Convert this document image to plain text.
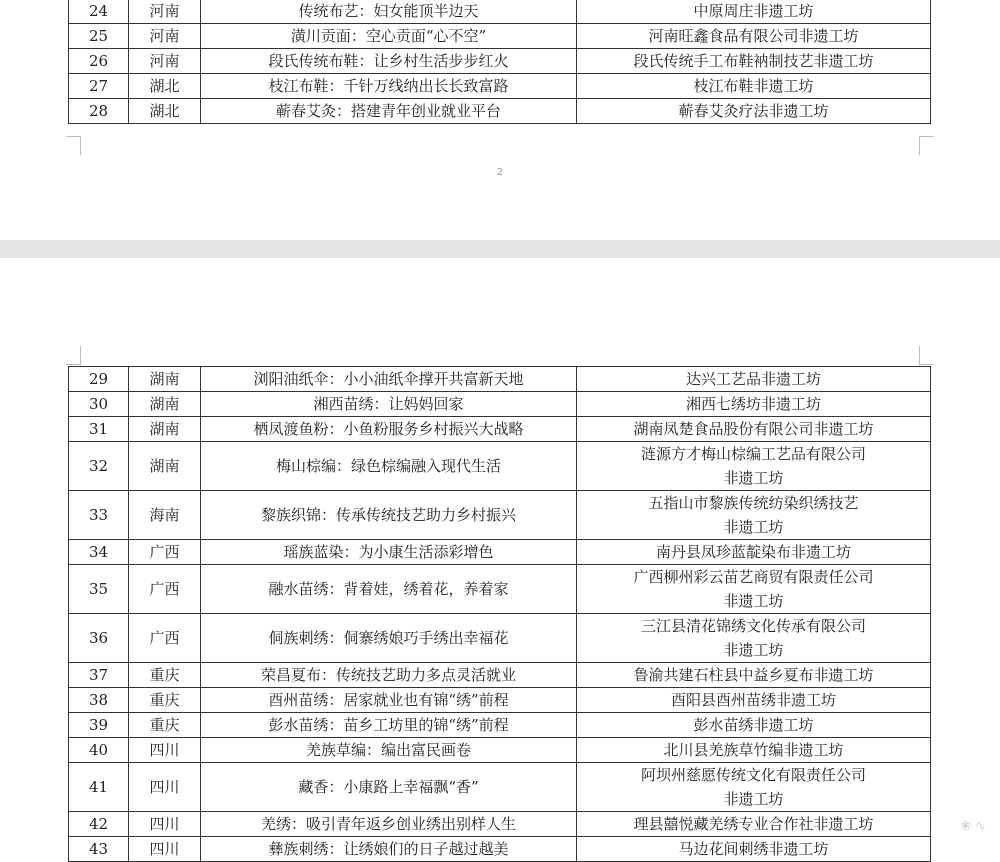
24	河南	传统布艺：妇女能顶半边天	中原周庄非遗工坊

25	河南	潢川贡面：空心贡面“心不空”	河南旺鑫食品有限公司非遗工坊

26	河南	段氏传统布鞋：让乡村生活步步红火	段氏传统手工布鞋衲制技艺非遗工坊

27	湖北	枝江布鞋：千针万线纳出长长致富路	枝江布鞋非遗工坊

28	湖北	蕲春艾灸：搭建青年创业就业平台	蕲春艾灸疗法非遗工坊
2
29	湖南	浏阳油纸伞：小小油纸伞撑开共富新天地	达兴工艺品非遗工坊

30	湖南	湘西苗绣：让妈妈回家	湘西七绣坊非遗工坊

31	湖南	栖凤渡鱼粉：小鱼粉服务乡村振兴大战略	湖南凤楚食品股份有限公司非遗工坊

32	湖南	梅山棕编：绿色棕编融入现代生活	涟源方才梅山棕编工艺品有限公司
非遗工坊

33	海南	黎族织锦：传承传统技艺助力乡村振兴	五指山市黎族传统纺染织绣技艺
非遗工坊

34	广西	瑶族蓝染：为小康生活添彩增色	南丹县凤珍蓝靛染布非遗工坊

35	广西	融水苗绣：背着娃，绣着花，养着家	广西柳州彩云苗艺商贸有限责任公司
非遗工坊

36	广西	侗族刺绣：侗寨绣娘巧手绣出幸福花	三江县清花锦绣文化传承有限公司
非遗工坊

37	重庆	荣昌夏布：传统技艺助力多点灵活就业	鲁渝共建石柱县中益乡夏布非遗工坊

38	重庆	酉州苗绣：居家就业也有锦“绣”前程	酉阳县酉州苗绣非遗工坊

39	重庆	彭水苗绣：苗乡工坊里的锦“绣”前程	彭水苗绣非遗工坊

40	四川	羌族草编：编出富民画卷	北川县羌族草竹编非遗工坊

41	四川	藏香：小康路上幸福飘“香”	阿坝州慈愿传统文化有限责任公司
非遗工坊

42	四川	羌绣：吸引青年返乡创业绣出别样人生	理县囍悦藏羌绣专业合作社非遗工坊

43	四川	彝族刺绣：让绣娘们的日子越过越美	马边花间刺绣非遗工坊
❀ ∿
